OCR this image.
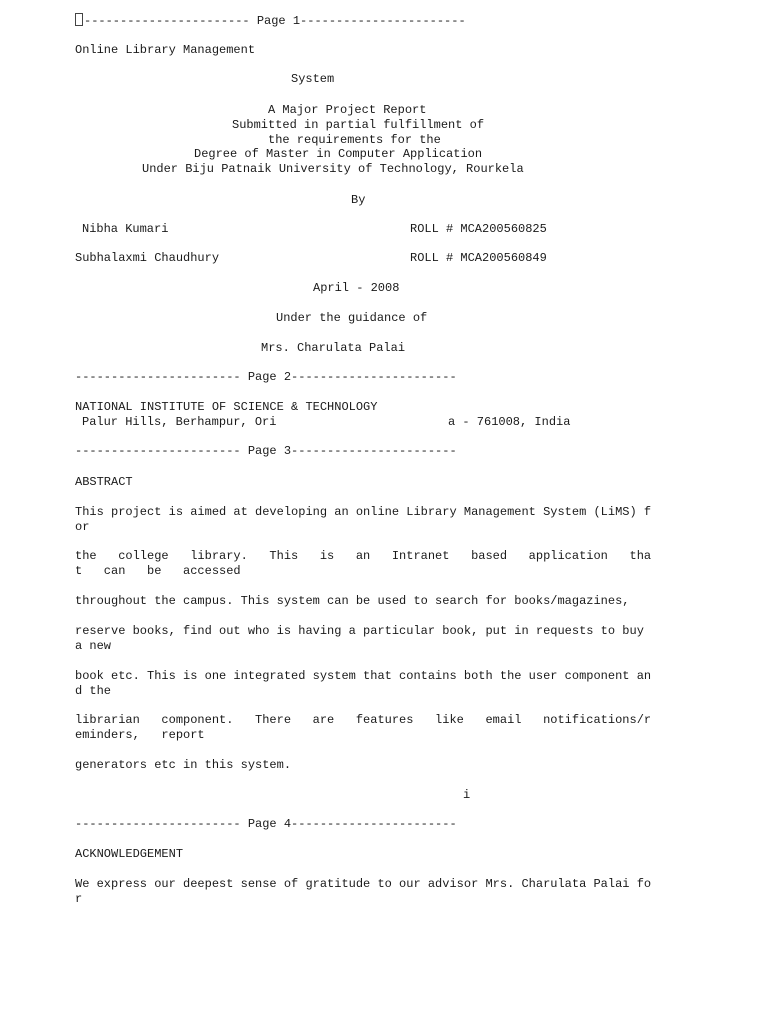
----------------------- Page 1-----------------------
Online Library Management
System
A Major Project Report
Submitted in partial fulfillment of
the requirements for the
Degree of Master in Computer Application
Under Biju Patnaik University of Technology, Rourkela
By
Nibha Kumari	ROLL # MCA200560825
Subhalaxmi Chaudhury	ROLL # MCA200560849
April - 2008
Under the guidance of
Mrs. Charulata Palai
----------------------- Page 2-----------------------
NATIONAL INSTITUTE OF SCIENCE & TECHNOLOGY
Palur Hills, Berhampur, Ori	a - 761008, India
----------------------- Page 3-----------------------
ABSTRACT
This project is aimed at developing an online Library Management System (LiMS) f
or
the   college   library.   This   is   an   Intranet   based   application   tha
t   can   be   accessed
throughout the campus. This system can be used to search for books/magazines,
reserve books, find out who is having a particular book, put in requests to buy
a new
book etc. This is one integrated system that contains both the user component an
d the
librarian   component.   There   are   features   like   email   notifications/r
eminders,   report
generators etc in this system.
i
----------------------- Page 4-----------------------
ACKNOWLEDGEMENT
We express our deepest sense of gratitude to our advisor Mrs. Charulata Palai fo
r
